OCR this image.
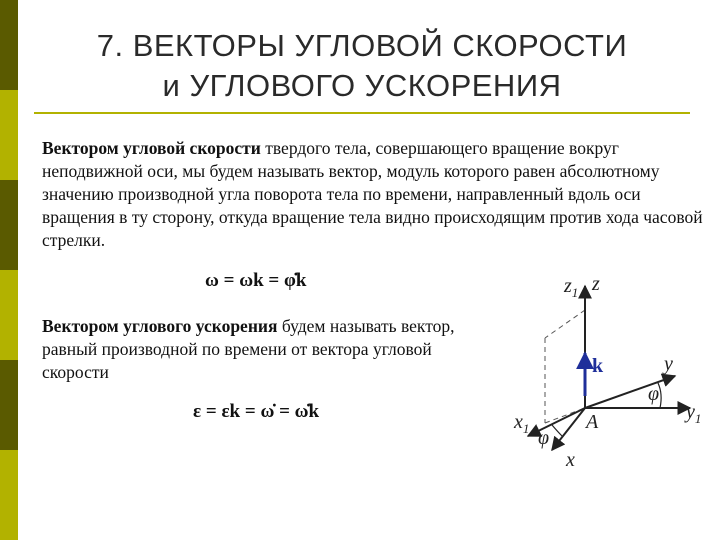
7. ВЕКТОРЫ УГЛОВОЙ СКОРОСТИ
и УГЛОВОГО УСКОРЕНИЯ
Вектором угловой скорости твердого тела, совершающего вращение вокруг неподвижной оси, мы будем называть вектор, модуль которого равен абсолютному значению производной угла поворота тела по времени, направленный вдоль оси вращения в ту сторону, откуда вращение тела видно происходящим против хода часовой стрелки.
ω = ωk = φ̇k
Вектором углового ускорения будем называть вектор, равный производной по времени от вектора угловой скорости
ε = εk = ω̇ = ω̇k
$z_1$ z
k	y
φ
$y_1$
A
$x_1$ φ
x
